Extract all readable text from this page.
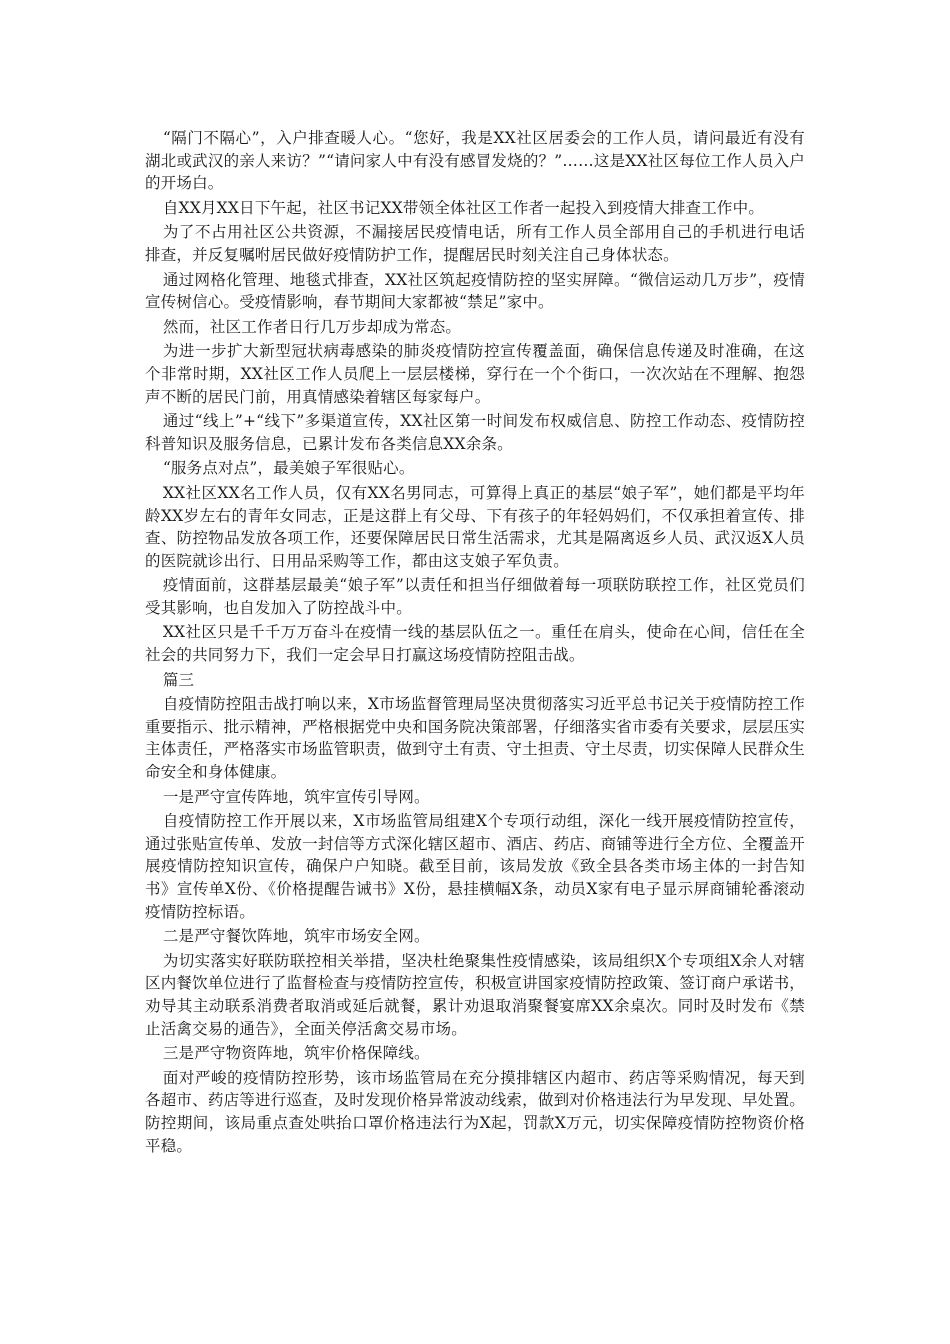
“隔门不隔心”，入户排查暖人心。“您好，我是XX社区居委会的工作人员，请问最近有没有湖北或武汉的亲人来访？”“请问家人中有没有感冒发烧的？”……这是XX社区每位工作人员入户的开场白。

自XX月XX日下午起，社区书记XX带领全体社区工作者一起投入到疫情大排查工作中。

为了不占用社区公共资源，不漏接居民疫情电话，所有工作人员全部用自己的手机进行电话排查，并反复嘱咐居民做好疫情防护工作，提醒居民时刻关注自己身体状态。

通过网格化管理、地毯式排查，XX社区筑起疫情防控的坚实屏障。“微信运动几万步”，疫情宣传树信心。受疫情影响，春节期间大家都被“禁足”家中。

然而，社区工作者日行几万步却成为常态。

为进一步扩大新型冠状病毒感染的肺炎疫情防控宣传覆盖面，确保信息传递及时准确，在这个非常时期，XX社区工作人员爬上一层层楼梯，穿行在一个个街口，一次次站在不理解、抱怨声不断的居民门前，用真情感染着辖区每家每户。

通过“线上”+“线下”多渠道宣传，XX社区第一时间发布权威信息、防控工作动态、疫情防控科普知识及服务信息，已累计发布各类信息XX余条。

“服务点对点”，最美娘子军很贴心。

XX社区XX名工作人员，仅有XX名男同志，可算得上真正的基层“娘子军”，她们都是平均年龄XX岁左右的青年女同志，正是这群上有父母、下有孩子的年轻妈妈们，不仅承担着宣传、排查、防控物品发放各项工作，还要保障居民日常生活需求，尤其是隔离返乡人员、武汉返X人员的医院就诊出行、日用品采购等工作，都由这支娘子军负责。

疫情面前，这群基层最美“娘子军”以责任和担当仔细做着每一项联防联控工作，社区党员们受其影响，也自发加入了防控战斗中。

XX社区只是千千万万奋斗在疫情一线的基层队伍之一。重任在肩头，使命在心间，信任在全社会的共同努力下，我们一定会早日打赢这场疫情防控阻击战。

篇三

自疫情防控阻击战打响以来，X市场监督管理局坚决贯彻落实习近平总书记关于疫情防控工作重要指示、批示精神，严格根据党中央和国务院决策部署，仔细落实省市委有关要求，层层压实主体责任，严格落实市场监管职责，做到守土有责、守土担责、守土尽责，切实保障人民群众生命安全和身体健康。

一是严守宣传阵地，筑牢宣传引导网。

自疫情防控工作开展以来，X市场监管局组建X个专项行动组，深化一线开展疫情防控宣传，通过张贴宣传单、发放一封信等方式深化辖区超市、酒店、药店、商铺等进行全方位、全覆盖开展疫情防控知识宣传，确保户户知晓。截至目前，该局发放《致全县各类市场主体的一封告知书》宣传单X份、《价格提醒告诫书》X份，悬挂横幅X条，动员X家有电子显示屏商铺轮番滚动疫情防控标语。

二是严守餐饮阵地，筑牢市场安全网。

为切实落实好联防联控相关举措，坚决杜绝聚集性疫情感染，该局组织X个专项组X余人对辖区内餐饮单位进行了监督检查与疫情防控宣传，积极宣讲国家疫情防控政策、签订商户承诺书，劝导其主动联系消费者取消或延后就餐，累计劝退取消聚餐宴席XX余桌次。同时及时发布《禁止活禽交易的通告》，全面关停活禽交易市场。

三是严守物资阵地，筑牢价格保障线。

面对严峻的疫情防控形势，该市场监管局在充分摸排辖区内超市、药店等采购情况，每天到各超市、药店等进行巡查，及时发现价格异常波动线索，做到对价格违法行为早发现、早处置。防控期间，该局重点查处哄抬口罩价格违法行为X起，罚款X万元，切实保障疫情防控物资价格平稳。
